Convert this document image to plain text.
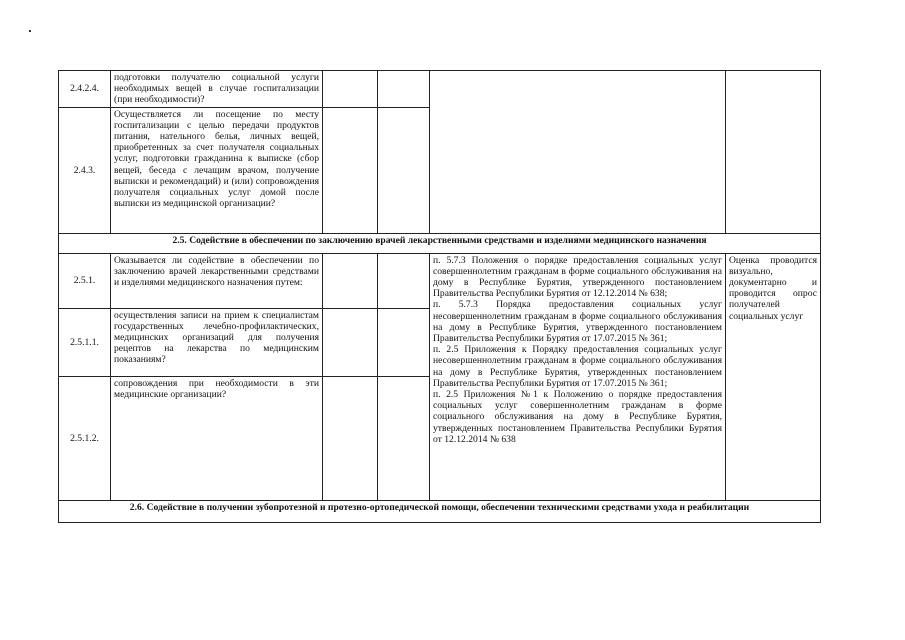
2.4.2.4.	подготовки получателю социальной услуги необходимых вещей в случае госпитализации (при необходимости)?				
2.4.3.	Осуществляется ли посещение по месту госпитализации с целью передачи продуктов питания, нательного белья, личных вещей, приобретенных за счет получателя социальных услуг, подготовки гражданина к выписке (сбор вещей, беседа с лечащим врачом, получение выписки и рекомендаций) и (или) сопровождения получателя социальных услуг домой после выписки из медицинской организации?				
2.5. Содействие в обеспечении по заключению врачей лекарственными средствами и изделиями медицинского назначения					
2.5.1.	Оказывается ли содействие в обеспечении по заключению врачей лекарственными средствами и изделиями медицинского назначения путем:			п. 5.7.3 Положения о порядке предоставления социальных услуг совершеннолетним гражданам в форме социального обслуживания на дому в Республике Бурятия, утвержденного постановлением Правительства Республики Бурятия от 12.12.2014 № 638;
п. 5.7.3 Порядка предоставления социальных услуг несовершеннолетним гражданам в форме социального обслуживания на дому в Республике Бурятия, утвержденного постановлением Правительства Республики Бурятия от 17.07.2015 № 361;
п. 2.5 Приложения к Порядку предоставления социальных услуг несовершеннолетним гражданам в форме социального обслуживания на дому в Республике Бурятия, утвержденных постановлением Правительства Республики Бурятия от 17.07.2015 № 361;
п. 2.5 Приложения №1 к Положению о порядке предоставления социальных услуг совершеннолетним гражданам в форме социального обслуживания на дому в Республике Бурятия, утвержденных постановлением Правительства Республики Бурятия от 12.12.2014 № 638	Оценка проводится визуально, документарно и проводится опрос получателей социальных услуг
2.5.1.1.	осуществления записи на прием к специалистам государственных лечебно-профилактических, медицинских организаций для получения рецептов на лекарства по медицинским показаниям?				
2.5.1.2.	сопровождения при необходимости в эти медицинские организации?				
2.6. Содействие в получении зубопротезной и протезно-ортопедической помощи, обеспечении техническими средствами ухода и реабилитации					
